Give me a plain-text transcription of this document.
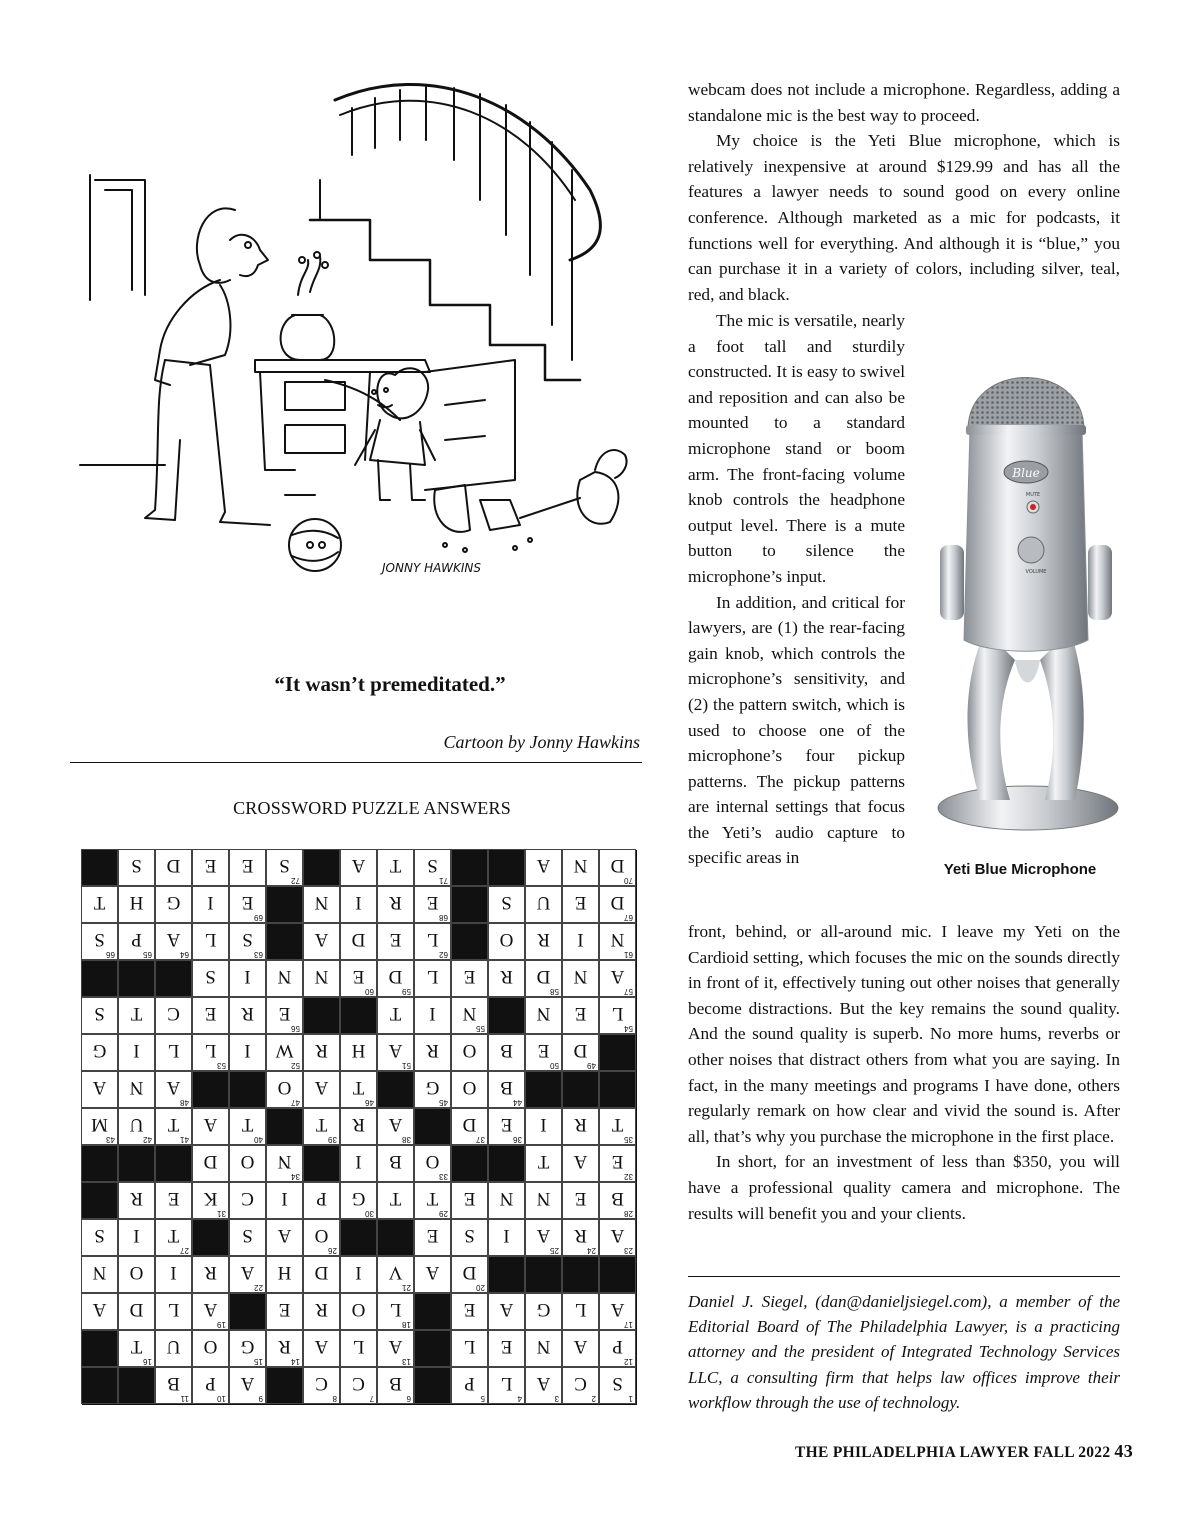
JONNY HAWKINS
“It wasn’t premeditated.”
Cartoon by Jonny Hawkins
CROSSWORD PUZZLE ANSWERS
1
S
2
C
3
A
4
L
5
P
6
B
7
C
8
C
9
A
10
P
11
B
12
P
A
N
E
L
13
A
L
A
14
R
15
G
O
U
16
T
17
A
L
G
A
E
18
L
O
R
E
19
A
L
D
A
20
D
A
21
V
I
D
H
22
A
R
I
O
N
23
A
24
R
25
A
I
S
E
26
O
A
S
27
T
I
S
28
B
E
N
N
E
29
T
T
30
G
P
I
C
31
K
E
R
32
E
A
T
33
O
B
I
34
N
O
D
35
T
R
I
36
E
37
D
38
A
R
39
T
40
T
A
41
T
42
U
43
M
44
B
O
45
G
46
T
A
47
O
48
A
N
A
49
D
50
E
B
O
R
51
A
H
R
52
W
I
53
L
L
I
G
54
L
E
N
55
N
I
T
56
E
R
E
C
T
S
57
A
N
58
D
R
E
L
59
D
60
E
N
N
I
S
61
N
I
R
O
62
L
E
D
A
63
S
L
64
A
65
P
66
S
67
D
E
U
S
68
E
R
I
N
69
E
I
G
H
T
70
D
N
A
71
S
T
A
72
S
E
E
D
S

webcam does not include a microphone. Regardless, adding a standalone mic is the best way to proceed.

My choice is the Yeti Blue microphone, which is relatively inexpensive at around $129.99 and has all the features a lawyer needs to sound good on every online conference. Although marketed as a mic for podcasts, it functions well for everything. And although it is “blue,” you can purchase it in a variety of colors, including silver, teal, red, and black.

The mic is versatile, nearly a foot tall and sturdily constructed. It is easy to swivel and reposition and can also be mounted to a standard microphone stand or boom arm. The front-facing volume knob controls the headphone output level. There is a mute button to silence the microphone’s input.

In addition, and critical for lawyers, are (1) the rear-facing gain knob, which controls the microphone’s sensitivity, and (2) the pattern switch, which is used to choose one of the microphone’s four pickup patterns. The pickup patterns are internal settings that focus the Yeti’s audio capture to specific areas in

Blue
MUTE
VOLUME
Yeti Blue Microphone

front, behind, or all-around mic. I leave my Yeti on the Cardioid setting, which focuses the mic on the sounds directly in front of it, effectively tuning out other noises that generally become distractions. But the key remains the sound quality. And the sound quality is superb. No more hums, reverbs or other noises that distract others from what you are saying. In fact, in the many meetings and programs I have done, others regularly remark on how clear and vivid the sound is. After all, that’s why you purchase the microphone in the first place.

In short, for an investment of less than $350, you will have a professional quality camera and microphone. The results will benefit you and your clients.

Daniel J. Siegel, (dan@danieljsiegel.com), a member of the Editorial Board of The Philadelphia Lawyer, is a practicing attorney and the president of Integrated Technology Services LLC, a consulting firm that helps law offices improve their workflow through the use of technology.
THE PHILADELPHIA LAWYER FALL 2022 43
